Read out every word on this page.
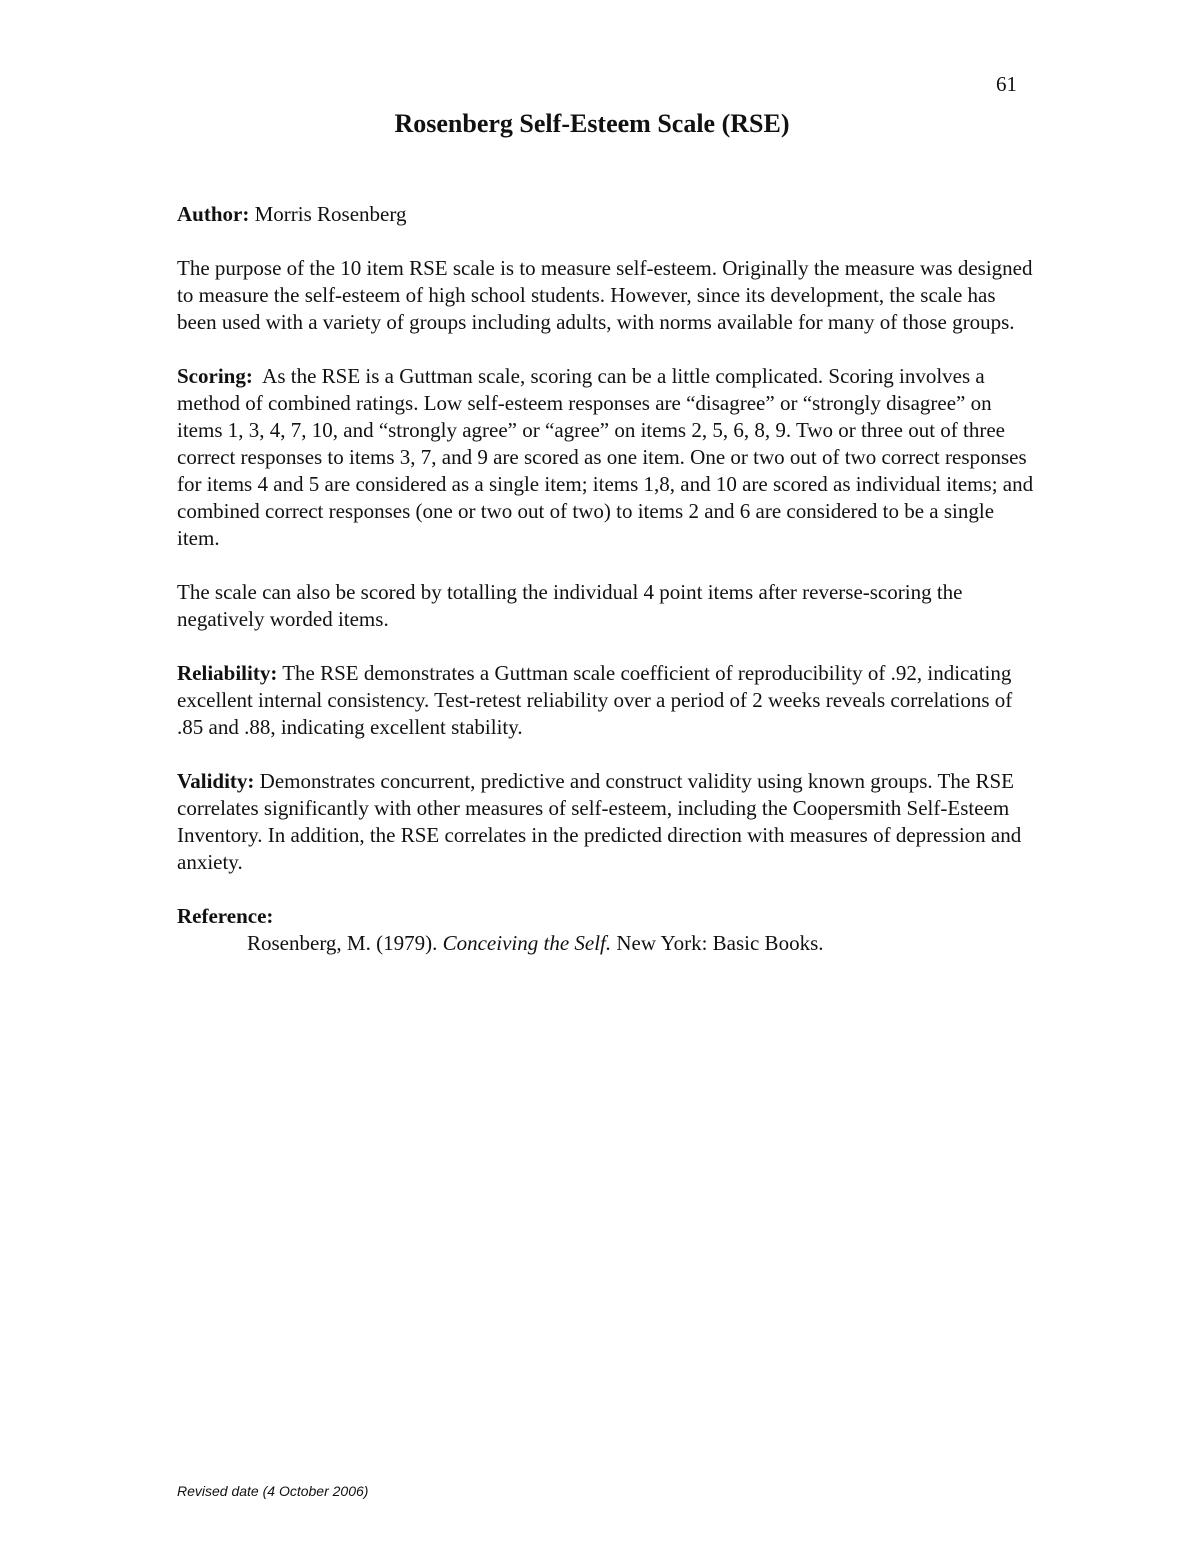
61
Rosenberg Self-Esteem Scale (RSE)

Author: Morris Rosenberg

The purpose of the 10 item RSE scale is to measure self-esteem. Originally the measure was designed to measure the self-esteem of high school students. However, since its development, the scale has been used with a variety of groups including adults, with norms available for many of those groups.

Scoring: As the RSE is a Guttman scale, scoring can be a little complicated. Scoring involves a method of combined ratings. Low self-esteem responses are “disagree” or “strongly disagree” on items 1, 3, 4, 7, 10, and “strongly agree” or “agree” on items 2, 5, 6, 8, 9. Two or three out of three correct responses to items 3, 7, and 9 are scored as one item. One or two out of two correct responses for items 4 and 5 are considered as a single item; items 1,8, and 10 are scored as individual items; and combined correct responses (one or two out of two) to items 2 and 6 are considered to be a single item.

The scale can also be scored by totalling the individual 4 point items after reverse-scoring the negatively worded items.

Reliability: The RSE demonstrates a Guttman scale coefficient of reproducibility of .92, indicating excellent internal consistency. Test-retest reliability over a period of 2 weeks reveals correlations of .85 and .88, indicating excellent stability.

Validity: Demonstrates concurrent, predictive and construct validity using known groups. The RSE correlates significantly with other measures of self-esteem, including the Coopersmith Self-Esteem Inventory. In addition, the RSE correlates in the predicted direction with measures of depression and anxiety.

Reference:

Rosenberg, M. (1979). Conceiving the Self. New York: Basic Books.

Revised date (4 October 2006)
